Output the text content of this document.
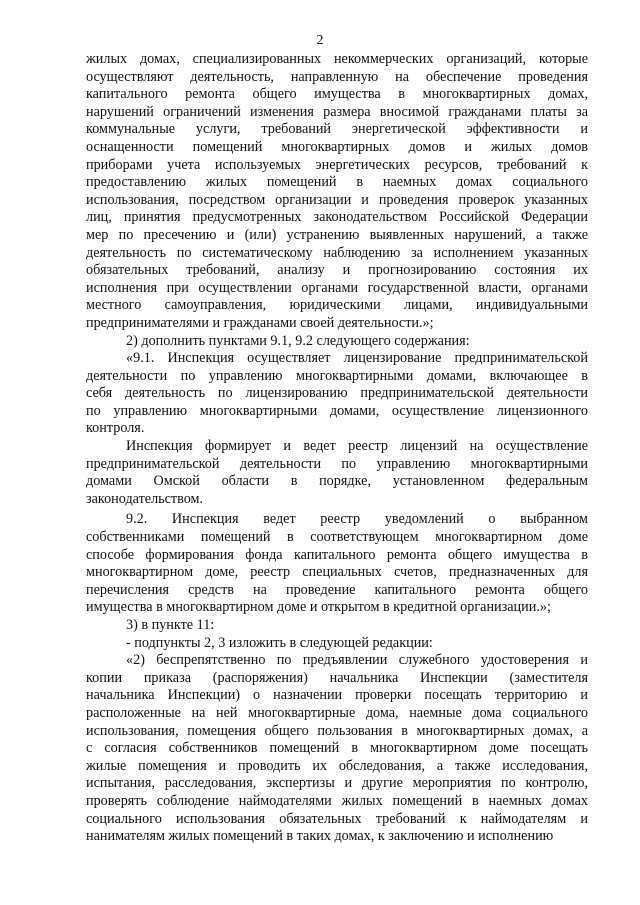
2
жилых домах, специализированных некоммерческих организаций, которые
осуществляют деятельность, направленную на обеспечение проведения
капитального ремонта общего имущества в многоквартирных домах,
нарушений ограничений изменения размера вносимой гражданами платы за
коммунальные услуги, требований энергетической эффективности и
оснащенности помещений многоквартирных домов и жилых домов
приборами учета используемых энергетических ресурсов, требований к
предоставлению жилых помещений в наемных домах социального
использования, посредством организации и проведения проверок указанных
лиц, принятия предусмотренных законодательством Российской Федерации
мер по пресечению и (или) устранению выявленных нарушений, а также
деятельность по систематическому наблюдению за исполнением указанных
обязательных требований, анализу и прогнозированию состояния их
исполнения при осуществлении органами государственной власти, органами
местного самоуправления, юридическими лицами, индивидуальными
предпринимателями и гражданами своей деятельности.»;
2) дополнить пунктами 9.1, 9.2 следующего содержания:
«9.1. Инспекция осуществляет лицензирование предпринимательской
деятельности по управлению многоквартирными домами, включающее в
себя деятельность по лицензированию предпринимательской деятельности
по управлению многоквартирными домами, осуществление лицензионного
контроля.
Инспекция формирует и ведет реестр лицензий на осуществление
предпринимательской деятельности по управлению многоквартирными
домами Омской области в порядке, установленном федеральным
законодательством.
9.2. Инспекция ведет реестр уведомлений о выбранном
собственниками помещений в соответствующем многоквартирном доме
способе формирования фонда капитального ремонта общего имущества в
многоквартирном доме, реестр специальных счетов, предназначенных для
перечисления средств на проведение капитального ремонта общего
имущества в многоквартирном доме и открытом в кредитной организации.»;
3) в пункте 11:
- подпункты 2, 3 изложить в следующей редакции:
«2) беспрепятственно по предъявлении служебного удостоверения и
копии приказа (распоряжения) начальника Инспекции (заместителя
начальника Инспекции) о назначении проверки посещать территорию и
расположенные на ней многоквартирные дома, наемные дома социального
использования, помещения общего пользования в многоквартирных домах, а
с согласия собственников помещений в многоквартирном доме посещать
жилые помещения и проводить их обследования, а также исследования,
испытания, расследования, экспертизы и другие мероприятия по контролю,
проверять соблюдение наймодателями жилых помещений в наемных домах
социального использования обязательных требований к наймодателям и
нанимателям жилых помещений в таких домах, к заключению и исполнению
